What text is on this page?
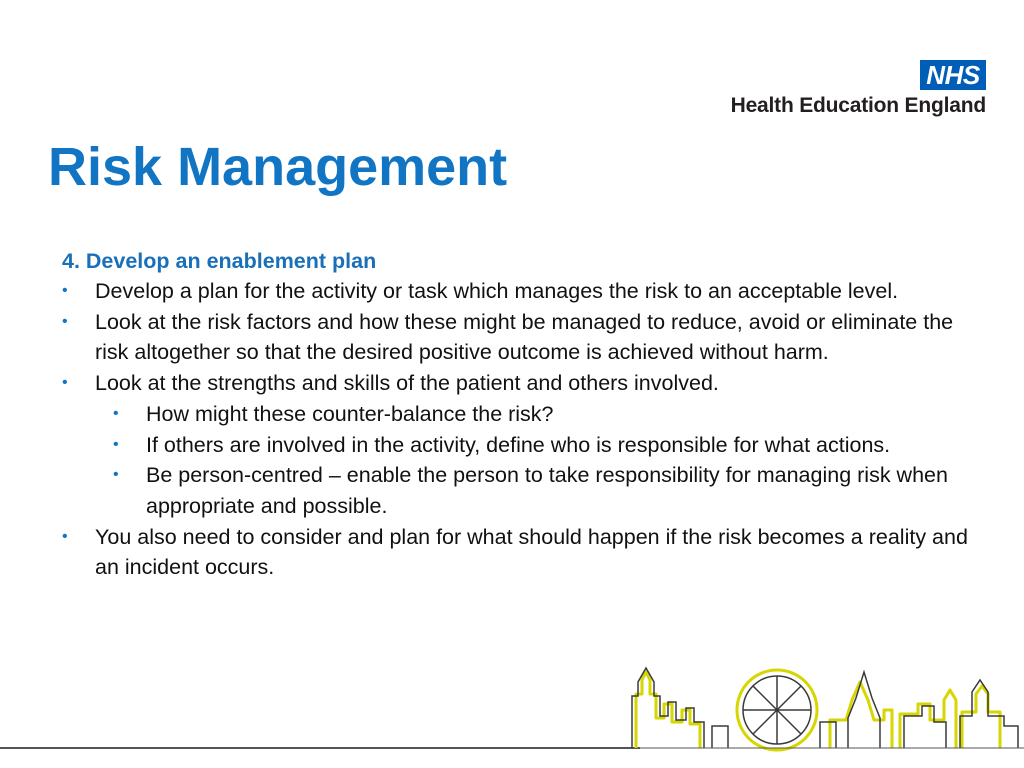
NHS
Health Education England
Risk Management

4. Develop an enablement plan

• Develop a plan for the activity or task which manages the risk to an acceptable level.
• Look at the risk factors and how these might be managed to reduce, avoid or eliminate the risk altogether so that the desired positive outcome is achieved without harm.
• Look at the strengths and skills of the patient and others involved.
• How might these counter-balance the risk?
• If others are involved in the activity, define who is responsible for what actions.
• Be person-centred – enable the person to take responsibility for managing risk when appropriate and possible.
• You also need to consider and plan for what should happen if the risk becomes a reality and an incident occurs.
